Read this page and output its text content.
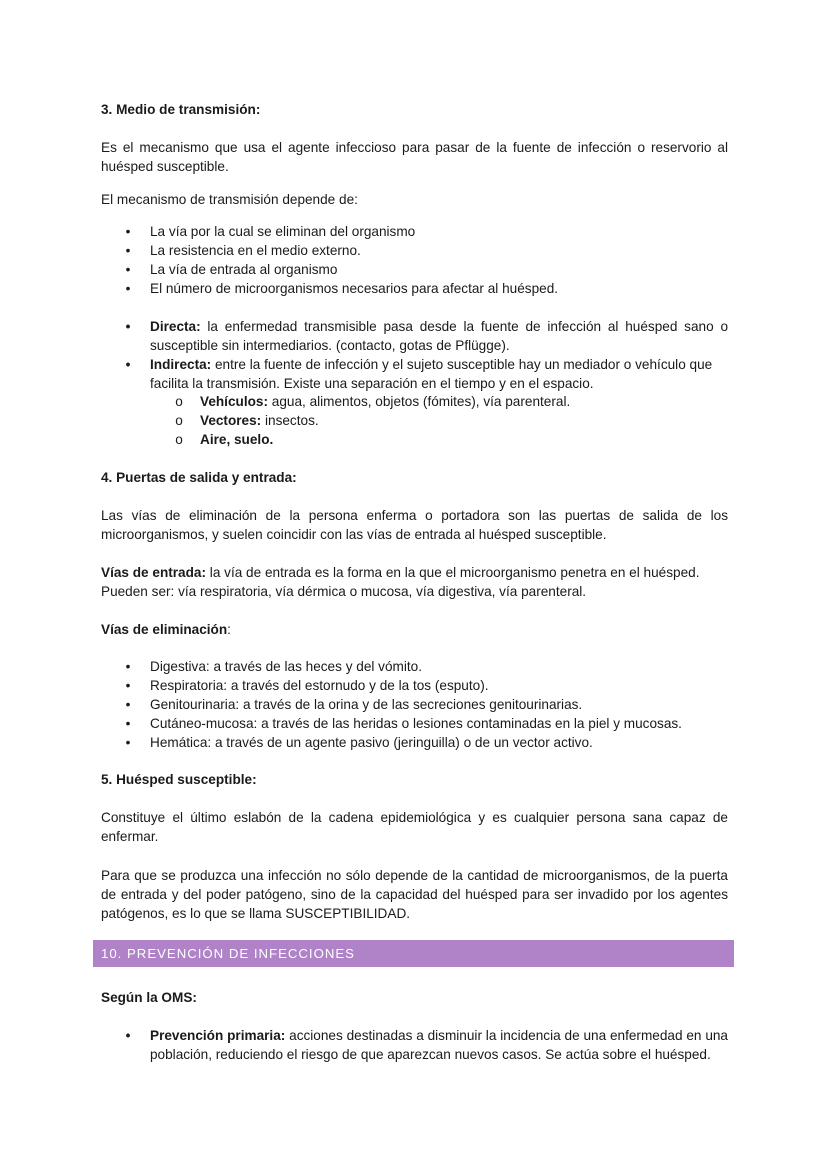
3. Medio de transmisión:
Es el mecanismo que usa el agente infeccioso para pasar de la fuente de infección o reservorio al
huésped susceptible.
El mecanismo de transmisión depende de:
• La vía por la cual se eliminan del organismo
• La resistencia en el medio externo.
• La vía de entrada al organismo
• El número de microorganismos necesarios para afectar al huésped.
• Directa: la enfermedad transmisible pasa desde la fuente de infección al huésped sano o
susceptible sin intermediarios. (contacto, gotas de Pflügge).
• Indirecta: entre la fuente de infección y el sujeto susceptible hay un mediador o vehículo que
facilita la transmisión. Existe una separación en el tiempo y en el espacio.
o Vehículos: agua, alimentos, objetos (fómites), vía parenteral.
o Vectores: insectos.
o Aire, suelo.
4. Puertas de salida y entrada:
Las vías de eliminación de la persona enferma o portadora son las puertas de salida de los
microorganismos, y suelen coincidir con las vías de entrada al huésped susceptible.
Vías de entrada: la vía de entrada es la forma en la que el microorganismo penetra en el huésped.
Pueden ser: vía respiratoria, vía dérmica o mucosa, vía digestiva, vía parenteral.
Vías de eliminación:
• Digestiva: a través de las heces y del vómito.
• Respiratoria: a través del estornudo y de la tos (esputo).
• Genitourinaria: a través de la orina y de las secreciones genitourinarias.
• Cutáneo-mucosa: a través de las heridas o lesiones contaminadas en la piel y mucosas.
• Hemática: a través de un agente pasivo (jeringuilla) o de un vector activo.
5. Huésped susceptible:
Constituye el último eslabón de la cadena epidemiológica y es cualquier persona sana capaz de
enfermar.
Para que se produzca una infección no sólo depende de la cantidad de microorganismos, de la puerta
de entrada y del poder patógeno, sino de la capacidad del huésped para ser invadido por los agentes
patógenos, es lo que se llama SUSCEPTIBILIDAD.
10. PREVENCIÓN DE INFECCIONES
Según la OMS:
• Prevención primaria: acciones destinadas a disminuir la incidencia de una enfermedad en una
población, reduciendo el riesgo de que aparezcan nuevos casos. Se actúa sobre el huésped.
